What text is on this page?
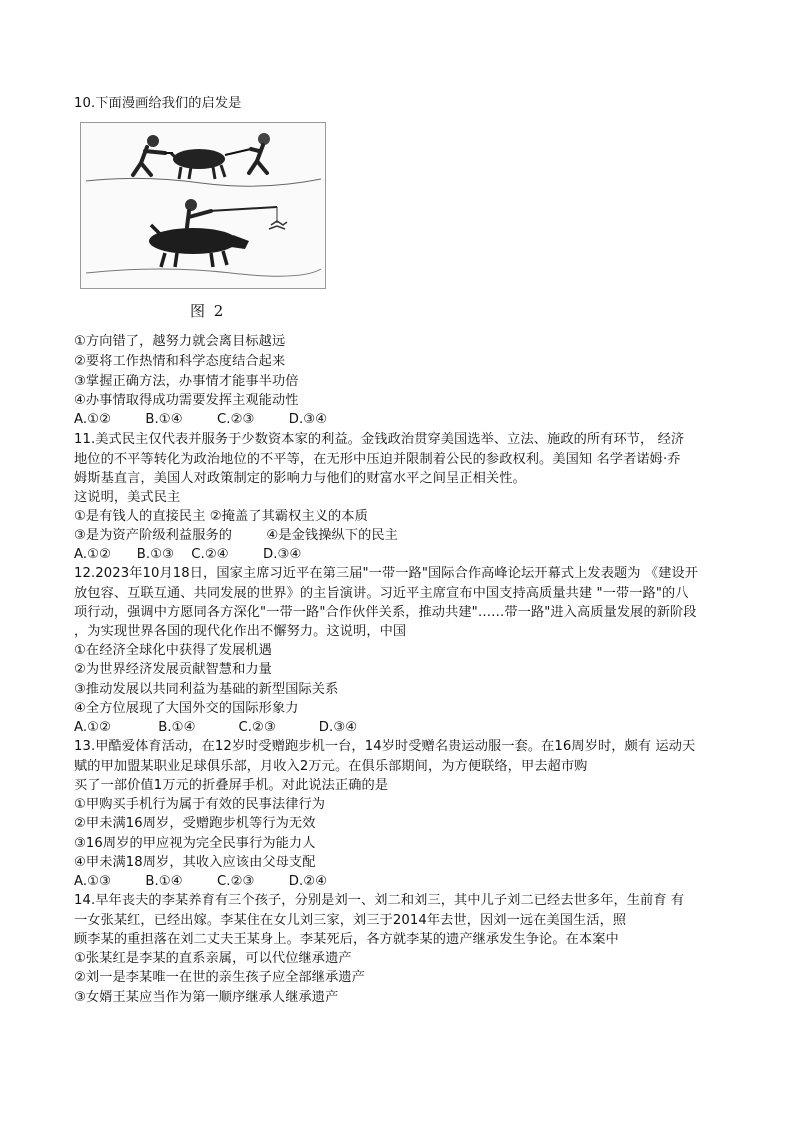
10.下面漫画给我们的启发是
图 2
①方向错了，越努力就会离目标越远
②要将工作热情和科学态度结合起来
③掌握正确方法，办事情才能事半功倍
④办事情取得成功需要发挥主观能动性
A.①②        B.①④        C.②③        D.③④
11.美式民主仅代表并服务于少数资本家的利益。金钱政治贯穿美国选举、立法、施政的所有环节， 经济
地位的不平等转化为政治地位的不平等，在无形中压迫并限制着公民的参政权利。美国知 名学者诺姆·乔
姆斯基直言，美国人对政策制定的影响力与他们的财富水平之间呈正相关性。
这说明，美式民主
①是有钱人的直接民主 ②掩盖了其霸权主义的本质
③是为资产阶级利益服务的        ④是金钱操纵下的民主
A.①②      B.①③    C.②④        D.③④
12.2023年10月18日，国家主席习近平在第三届"一带一路"国际合作高峰论坛开幕式上发表题为 《建设开
放包容、互联互通、共同发展的世界》的主旨演讲。习近平主席宣布中国支持高质量共建 "一带一路"的八
项行动，强调中方愿同各方深化"一带一路"合作伙伴关系，推动共建"……带一路"进入高质量发展的新阶段
，为实现世界各国的现代化作出不懈努力。这说明，中国
①在经济全球化中获得了发展机遇
②为世界经济发展贡献智慧和力量
③推动发展以共同利益为基础的新型国际关系
④全方位展现了大国外交的国际形象力
A.①②           B.①④          C.②③          D.③④
13.甲酷爱体育活动，在12岁时受赠跑步机一台，14岁时受赠名贵运动服一套。在16周岁时，颇有 运动天
赋的甲加盟某职业足球俱乐部，月收入2万元。在俱乐部期间，为方便联络，甲去超市购
买了一部价值1万元的折叠屏手机。对此说法正确的是
①甲购买手机行为属于有效的民事法律行为
②甲未满16周岁，受赠跑步机等行为无效
③16周岁的甲应视为完全民事行为能力人
④甲未满18周岁，其收入应该由父母支配
A.①③        B.①④        C.②③        D.②④
14.早年丧夫的李某养育有三个孩子，分别是刘一、刘二和刘三，其中儿子刘二已经去世多年，生前育 有
一女张某红，已经出嫁。李某住在女儿刘三家，刘三于2014年去世，因刘一远在美国生活，照
顾李某的重担落在刘二丈夫王某身上。李某死后，各方就李某的遗产继承发生争论。在本案中
①张某红是李某的直系亲属，可以代位继承遗产
②刘一是李某唯一在世的亲生孩子应全部继承遗产
③女婿王某应当作为第一顺序继承人继承遗产
